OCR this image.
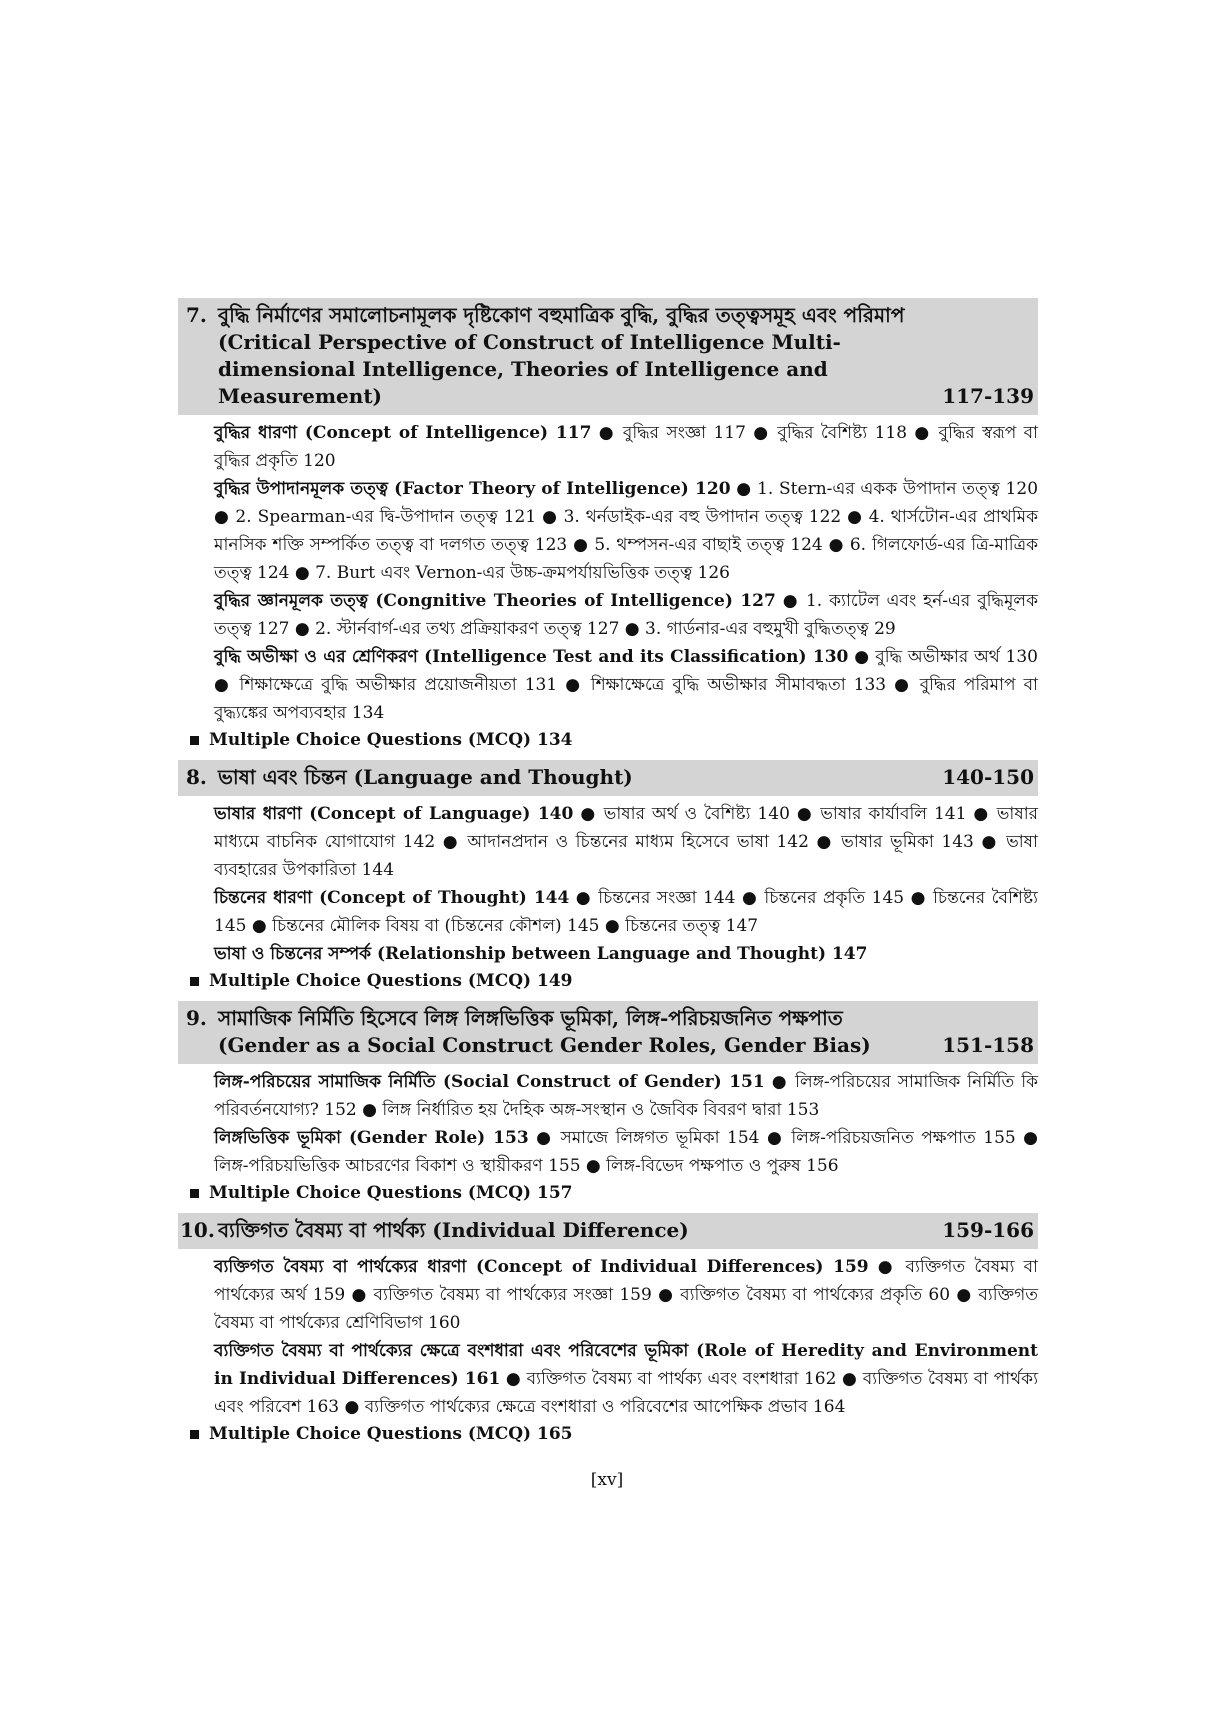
7. বুদ্ধি নির্মাণের সমালোচনামূলক দৃষ্টিকোণ বহুমাত্রিক বুদ্ধি, বুদ্ধির তত্ত্বসমূহ এবং পরিমাপ (Critical Perspective of Construct of Intelligence Multi-dimensional Intelligence, Theories of Intelligence and Measurement)	117-139
বুদ্ধির ধারণা (Concept of Intelligence) 117 ● বুদ্ধির সংজ্ঞা 117 ● বুদ্ধির বৈশিষ্ট্য 118 ● বুদ্ধির স্বরূপ বা বুদ্ধির প্রকৃতি 120
বুদ্ধির উপাদানমূলক তত্ত্ব (Factor Theory of Intelligence) 120 ● 1. Stern-এর একক উপাদান তত্ত্ব 120 ● 2. Spearman-এর দ্বি-উপাদান তত্ত্ব 121 ● 3. থর্নডাইক-এর বহু উপাদান তত্ত্ব 122 ● 4. থার্সটোন-এর প্রাথমিক মানসিক শক্তি সম্পর্কিত তত্ত্ব বা দলগত তত্ত্ব 123 ● 5. থম্পসন-এর বাছাই তত্ত্ব 124 ● 6. গিলফোর্ড-এর ত্রি-মাত্রিক তত্ত্ব 124 ● 7. Burt এবং Vernon-এর উচ্চ-ক্রমপর্যায়ভিত্তিক তত্ত্ব 126
বুদ্ধির জ্ঞানমূলক তত্ত্ব (Congnitive Theories of Intelligence) 127 ● 1. ক্যাটেল এবং হর্ন-এর বুদ্ধিমূলক তত্ত্ব 127 ● 2. স্টার্নবার্গ-এর তথ্য প্রক্রিয়াকরণ তত্ত্ব 127 ● 3. গার্ডনার-এর বহুমুখী বুদ্ধিতত্ত্ব 29
বুদ্ধি অভীক্ষা ও এর শ্রেণিকরণ (Intelligence Test and its Classification) 130 ● বুদ্ধি অভীক্ষার অর্থ 130 ● শিক্ষাক্ষেত্রে বুদ্ধি অভীক্ষার প্রয়োজনীয়তা 131 ● শিক্ষাক্ষেত্রে বুদ্ধি অভীক্ষার সীমাবদ্ধতা 133 ● বুদ্ধির পরিমাপ বা বুদ্ধ্যঙ্কের অপব্যবহার 134
Multiple Choice Questions (MCQ) 134
8. ভাষা এবং চিন্তন (Language and Thought)	140-150
ভাষার ধারণা (Concept of Language) 140 ● ভাষার অর্থ ও বৈশিষ্ট্য 140 ● ভাষার কার্যাবলি 141 ● ভাষার মাধ্যমে বাচনিক যোগাযোগ 142 ● আদানপ্রদান ও চিন্তনের মাধ্যম হিসেবে ভাষা 142 ● ভাষার ভূমিকা 143 ● ভাষা ব্যবহারের উপকারিতা 144
চিন্তনের ধারণা (Concept of Thought) 144 ● চিন্তনের সংজ্ঞা 144 ● চিন্তনের প্রকৃতি 145 ● চিন্তনের বৈশিষ্ট্য 145 ● চিন্তনের মৌলিক বিষয় বা (চিন্তনের কৌশল) 145 ● চিন্তনের তত্ত্ব 147
ভাষা ও চিন্তনের সম্পর্ক (Relationship between Language and Thought) 147
Multiple Choice Questions (MCQ) 149
9. সামাজিক নির্মিতি হিসেবে লিঙ্গ লিঙ্গভিত্তিক ভূমিকা, লিঙ্গ-পরিচয়জনিত পক্ষপাত (Gender as a Social Construct Gender Roles, Gender Bias)	151-158
লিঙ্গ-পরিচয়ের সামাজিক নির্মিতি (Social Construct of Gender) 151 ● লিঙ্গ-পরিচয়ের সামাজিক নির্মিতি কি পরিবর্তনযোগ্য? 152 ● লিঙ্গ নির্ধারিত হয় দৈহিক অঙ্গ-সংস্থান ও জৈবিক বিবরণ দ্বারা 153
লিঙ্গভিত্তিক ভূমিকা (Gender Role) 153 ● সমাজে লিঙ্গগত ভূমিকা 154 ● লিঙ্গ-পরিচয়জনিত পক্ষপাত 155 ● লিঙ্গ-পরিচয়ভিত্তিক আচরণের বিকাশ ও স্থায়ীকরণ 155 ● লিঙ্গ-বিভেদ পক্ষপাত ও পুরুষ 156
Multiple Choice Questions (MCQ) 157
10. ব্যক্তিগত বৈষম্য বা পার্থক্য (Individual Difference)	159-166
ব্যক্তিগত বৈষম্য বা পার্থক্যের ধারণা (Concept of Individual Differences) 159 ● ব্যক্তিগত বৈষম্য বা পার্থক্যের অর্থ 159 ● ব্যক্তিগত বৈষম্য বা পার্থক্যের সংজ্ঞা 159 ● ব্যক্তিগত বৈষম্য বা পার্থক্যের প্রকৃতি 60 ● ব্যক্তিগত বৈষম্য বা পার্থক্যের শ্রেণিবিভাগ 160
ব্যক্তিগত বৈষম্য বা পার্থক্যের ক্ষেত্রে বংশধারা এবং পরিবেশের ভূমিকা (Role of Heredity and Environment in Individual Differences) 161 ● ব্যক্তিগত বৈষম্য বা পার্থক্য এবং বংশধারা 162 ● ব্যক্তিগত বৈষম্য বা পার্থক্য এবং পরিবেশ 163 ● ব্যক্তিগত পার্থক্যের ক্ষেত্রে বংশধারা ও পরিবেশের আপেক্ষিক প্রভাব 164
Multiple Choice Questions (MCQ) 165
[xv]
